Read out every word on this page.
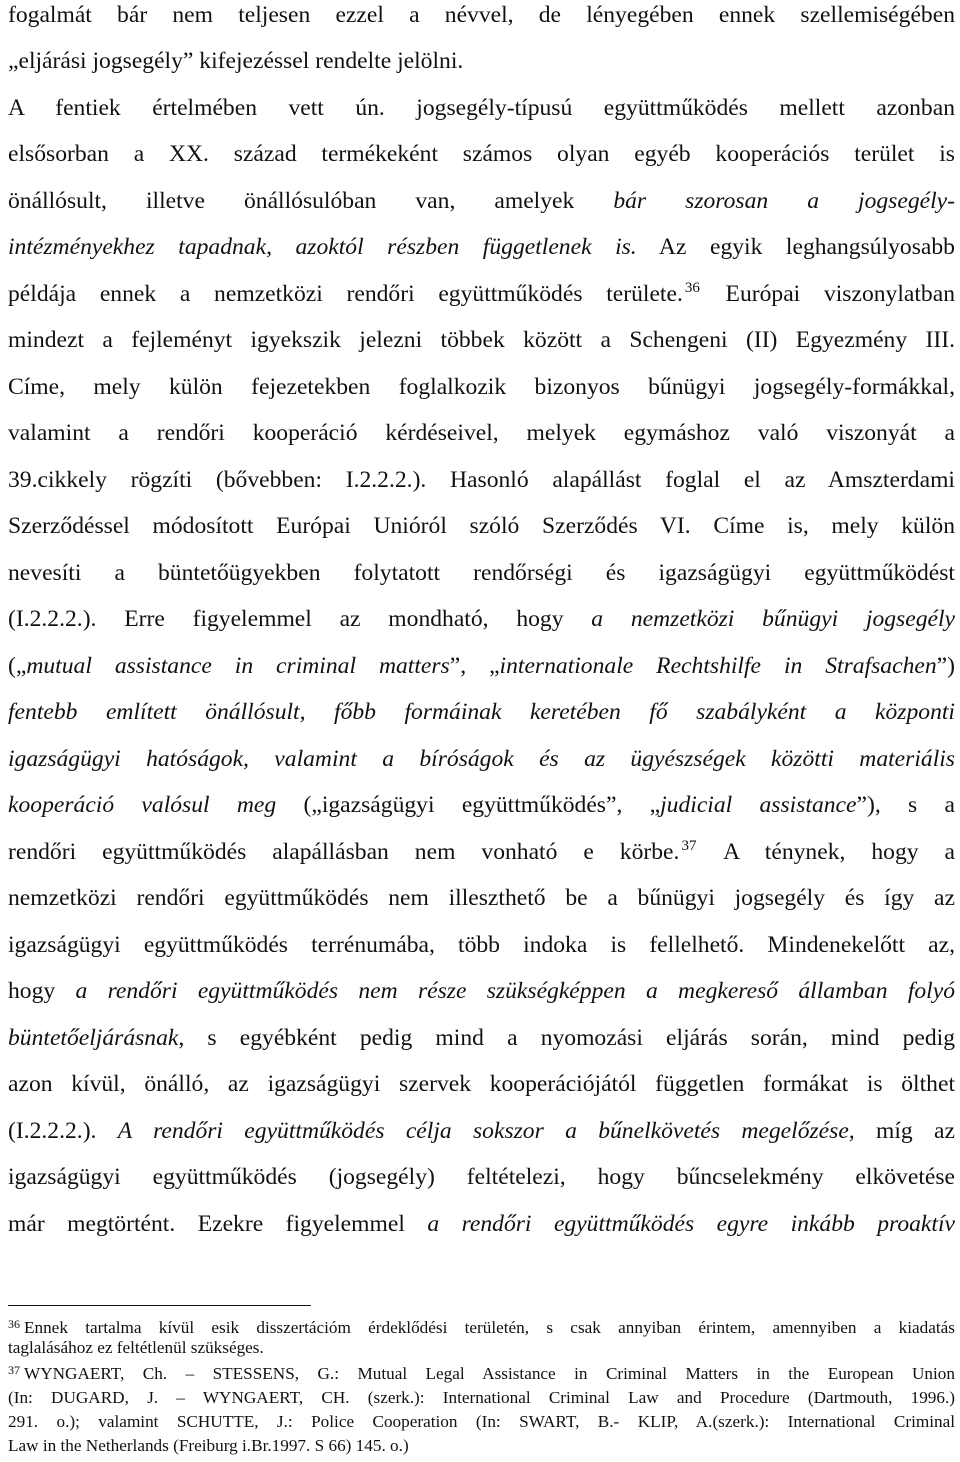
fogalmát bár nem teljesen ezzel a névvel, de lényegében ennek szellemiségében
„eljárási jogsegély” kifejezéssel rendelte jelölni.
A fentiek értelmében vett ún. jogsegély-típusú együttműködés mellett azonban
elsősorban a XX. század termékeként számos olyan egyéb kooperációs terület is
önállósult, illetve önállósulóban van, amelyek bár szorosan a jogsegély-
intézményekhez tapadnak, azoktól részben függetlenek is. Az egyik leghangsúlyosabb
példája ennek a nemzetközi rendőri együttműködés területe. $^{36}$ Európai viszonylatban
mindezt a fejleményt igyekszik jelezni többek között a Schengeni (II) Egyezmény III.
Címe, mely külön fejezetekben foglalkozik bizonyos bűnügyi jogsegély-formákkal,
valamint a rendőri kooperáció kérdéseivel, melyek egymáshoz való viszonyát a
39.cikkely rögzíti (bővebben: I.2.2.2.). Hasonló alapállást foglal el az Amszterdami
Szerződéssel módosított Európai Unióról szóló Szerződés VI. Címe is, mely külön
nevesíti a büntetőügyekben folytatott rendőrségi és igazságügyi együttműködést
(I.2.2.2.). Erre figyelemmel az mondható, hogy a nemzetközi bűnügyi jogsegély
(„mutual assistance in criminal matters”, „internationale Rechtshilfe in Strafsachen”)
fentebb említett önállósult, főbb formáinak keretében fő szabályként a központi
igazságügyi hatóságok, valamint a bíróságok és az ügyészségek közötti materiális
kooperáció valósul meg („igazságügyi együttműködés”, „judicial assistance”), s a
rendőri együttműködés alapállásban nem vonható e körbe. $^{37}$ A ténynek, hogy a
nemzetközi rendőri együttműködés nem illeszthető be a bűnügyi jogsegély és így az
igazságügyi együttműködés terrénumába, több indoka is fellelhető. Mindenekelőtt az,
hogy a rendőri együttműködés nem része szükségképpen a megkereső államban folyó
büntetőeljárásnak, s egyébként pedig mind a nyomozási eljárás során, mind pedig
azon kívül, önálló, az igazságügyi szervek kooperációjától független formákat is ölthet
(I.2.2.2.). A rendőri együttműködés célja sokszor a bűnelkövetés megelőzése, míg az
igazságügyi együttműködés (jogsegély) feltételezi, hogy bűncselekmény elkövetése
már megtörtént. Ezekre figyelemmel a rendőri együttműködés egyre inkább proaktív
$^{36}$ Ennek tartalma kívül esik disszertációm érdeklődési területén, s csak annyiban érintem, amennyiben a kiadatás
taglalásához ez feltétlenül szükséges.
$^{37}$ WYNGAERT, Ch. – STESSENS, G.: Mutual Legal Assistance in Criminal Matters in the European Union
(In: DUGARD, J. – WYNGAERT, CH. (szerk.): International Criminal Law and Procedure (Dartmouth, 1996.)
291. o.); valamint SCHUTTE, J.: Police Cooperation (In: SWART, B.- KLIP, A.(szerk.): International Criminal
Law in the Netherlands (Freiburg i.Br.1997. S 66) 145. o.)
